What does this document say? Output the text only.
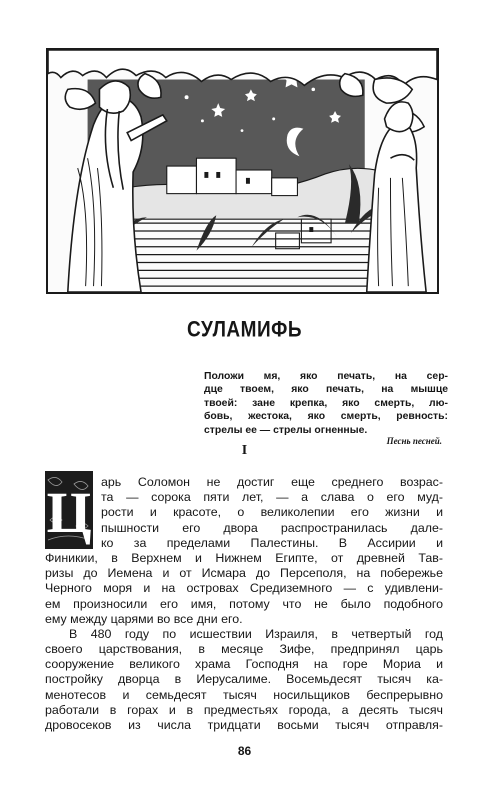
СУЛАМИФЬ
Положи мя, яко печать, на сер-
дце твоем, яко печать, на мышце
твоей: зане крепка, яко смерть, лю-
бовь, жестока, яко смерть, ревность:
стрелы ее — стрелы огненные.
Песнь песней.
I
Ц арь Соломон не достиг еще среднего возрас-
та — сорока пяти лет, — а слава о его муд-
рости и красоте, о великолепии его жизни и
пышности его двора распространилась дале-
ко за пределами Палестины. В Ассирии и
Финикии, в Верхнем и Нижнем Египте, от древней Тав-
ризы до Иемена и от Исмара до Персеполя, на побережье
Черного моря и на островах Средиземного — с удивлени-
ем произносили его имя, потому что не было подобного
ему между царями во все дни его.
В 480 году по исшествии Израиля, в четвертый год
своего царствования, в месяце Зифе, предпринял царь
сооружение великого храма Господня на горе Мориа и
постройку дворца в Иерусалиме. Восемьдесят тысяч ка-
менотесов и семьдесят тысяч носильщиков беспрерывно
работали в горах и в предместьях города, а десять тысяч
дровосеков из числа тридцати восьми тысяч отправля-
86
